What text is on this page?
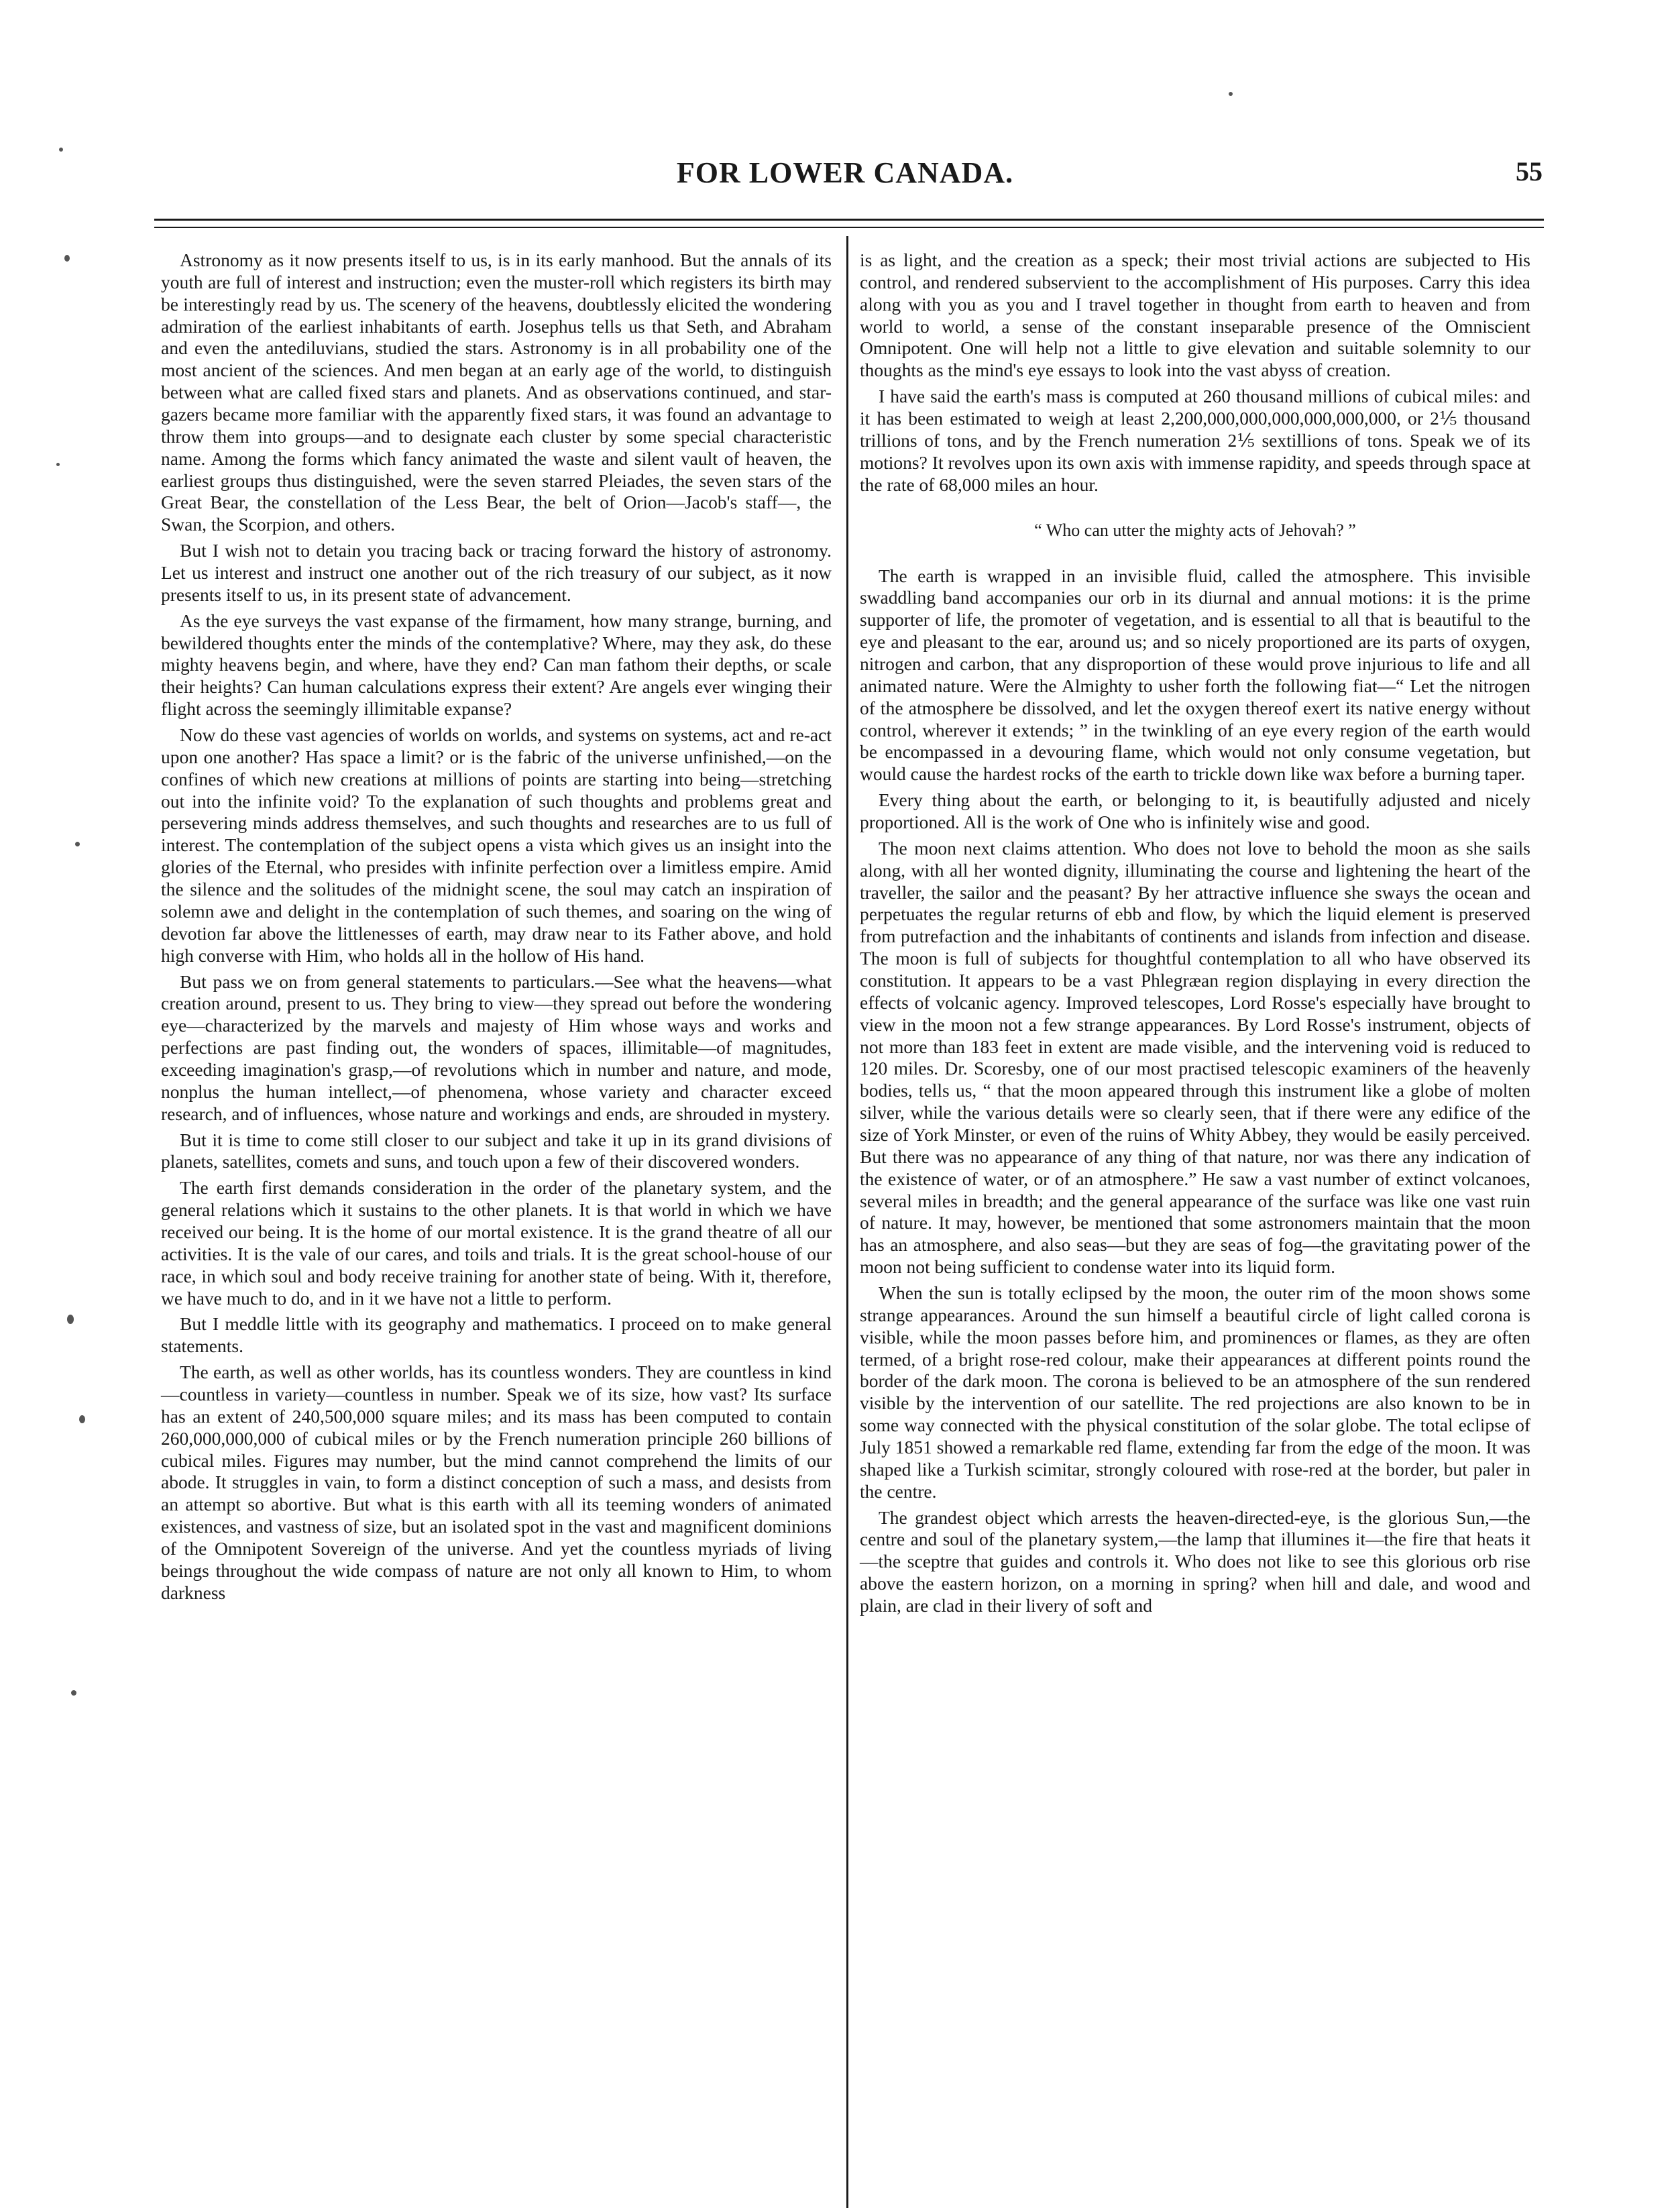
FOR LOWER CANADA.	55

Astronomy as it now presents itself to us, is in its early manhood. But the annals of its youth are full of interest and instruction; even the muster-roll which registers its birth may be interestingly read by us. The scenery of the heavens, doubtlessly elicited the wondering admiration of the earliest inhabitants of earth. Josephus tells us that Seth, and Abraham and even the antediluvians, studied the stars. Astronomy is in all probability one of the most ancient of the sciences. And men began at an early age of the world, to distinguish between what are called fixed stars and planets. And as observations continued, and star-gazers became more familiar with the apparently fixed stars, it was found an advantage to throw them into groups—and to designate each cluster by some special characteristic name. Among the forms which fancy animated the waste and silent vault of heaven, the earliest groups thus distinguished, were the seven starred Pleiades, the seven stars of the Great Bear, the constellation of the Less Bear, the belt of Orion—Jacob's staff—, the Swan, the Scorpion, and others.

But I wish not to detain you tracing back or tracing forward the history of astronomy. Let us interest and instruct one another out of the rich treasury of our subject, as it now presents itself to us, in its present state of advancement.

As the eye surveys the vast expanse of the firmament, how many strange, burning, and bewildered thoughts enter the minds of the contemplative? Where, may they ask, do these mighty heavens begin, and where, have they end? Can man fathom their depths, or scale their heights? Can human calculations express their extent? Are angels ever winging their flight across the seemingly illimitable expanse?

Now do these vast agencies of worlds on worlds, and systems on systems, act and re-act upon one another? Has space a limit? or is the fabric of the universe unfinished,—on the confines of which new creations at millions of points are starting into being—stretching out into the infinite void? To the explanation of such thoughts and problems great and persevering minds address themselves, and such thoughts and researches are to us full of interest. The contemplation of the subject opens a vista which gives us an insight into the glories of the Eternal, who presides with infinite perfection over a limitless empire. Amid the silence and the solitudes of the midnight scene, the soul may catch an inspiration of solemn awe and delight in the contemplation of such themes, and soaring on the wing of devotion far above the littlenesses of earth, may draw near to its Father above, and hold high converse with Him, who holds all in the hollow of His hand.

But pass we on from general statements to particulars.—See what the heavens—what creation around, present to us. They bring to view—they spread out before the wondering eye—characterized by the marvels and majesty of Him whose ways and works and perfections are past finding out, the wonders of spaces, illimitable—of magnitudes, exceeding imagination's grasp,—of revolutions which in number and nature, and mode, nonplus the human intellect,—of phenomena, whose variety and character exceed research, and of influences, whose nature and workings and ends, are shrouded in mystery.

But it is time to come still closer to our subject and take it up in its grand divisions of planets, satellites, comets and suns, and touch upon a few of their discovered wonders.

The earth first demands consideration in the order of the planetary system, and the general relations which it sustains to the other planets. It is that world in which we have received our being. It is the home of our mortal existence. It is the grand theatre of all our activities. It is the vale of our cares, and toils and trials. It is the great school-house of our race, in which soul and body receive training for another state of being. With it, therefore, we have much to do, and in it we have not a little to perform.

But I meddle little with its geography and mathematics. I proceed on to make general statements.

The earth, as well as other worlds, has its countless wonders. They are countless in kind—countless in variety—countless in number. Speak we of its size, how vast? Its surface has an extent of 240,500,000 square miles; and its mass has been computed to contain 260,000,000,000 of cubical miles or by the French numeration principle 260 billions of cubical miles. Figures may number, but the mind cannot comprehend the limits of our abode. It struggles in vain, to form a distinct conception of such a mass, and desists from an attempt so abortive. But what is this earth with all its teeming wonders of animated existences, and vastness of size, but an isolated spot in the vast and magnificent dominions of the Omnipotent Sovereign of the universe. And yet the countless myriads of living beings throughout the wide compass of nature are not only all known to Him, to whom darkness

is as light, and the creation as a speck; their most trivial actions are subjected to His control, and rendered subservient to the accomplishment of His purposes. Carry this idea along with you as you and I travel together in thought from earth to heaven and from world to world, a sense of the constant inseparable presence of the Omniscient Omnipotent. One will help not a little to give elevation and suitable solemnity to our thoughts as the mind's eye essays to look into the vast abyss of creation.

I have said the earth's mass is computed at 260 thousand millions of cubical miles: and it has been estimated to weigh at least 2,200,000,000,000,000,000,000, or 2⅕ thousand trillions of tons, and by the French numeration 2⅕ sextillions of tons. Speak we of its motions? It revolves upon its own axis with immense rapidity, and speeds through space at the rate of 68,000 miles an hour.

“ Who can utter the mighty acts of Jehovah? ”

The earth is wrapped in an invisible fluid, called the atmosphere. This invisible swaddling band accompanies our orb in its diurnal and annual motions: it is the prime supporter of life, the promoter of vegetation, and is essential to all that is beautiful to the eye and pleasant to the ear, around us; and so nicely proportioned are its parts of oxygen, nitrogen and carbon, that any disproportion of these would prove injurious to life and all animated nature. Were the Almighty to usher forth the following fiat—“ Let the nitrogen of the atmosphere be dissolved, and let the oxygen thereof exert its native energy without control, wherever it extends; ” in the twinkling of an eye every region of the earth would be encompassed in a devouring flame, which would not only consume vegetation, but would cause the hardest rocks of the earth to trickle down like wax before a burning taper.

Every thing about the earth, or belonging to it, is beautifully adjusted and nicely proportioned. All is the work of One who is infinitely wise and good.

The moon next claims attention. Who does not love to behold the moon as she sails along, with all her wonted dignity, illuminating the course and lightening the heart of the traveller, the sailor and the peasant? By her attractive influence she sways the ocean and perpetuates the regular returns of ebb and flow, by which the liquid element is preserved from putrefaction and the inhabitants of continents and islands from infection and disease. The moon is full of subjects for thoughtful contemplation to all who have observed its constitution. It appears to be a vast Phlegræan region displaying in every direction the effects of volcanic agency. Improved telescopes, Lord Rosse's especially have brought to view in the moon not a few strange appearances. By Lord Rosse's instrument, objects of not more than 183 feet in extent are made visible, and the intervening void is reduced to 120 miles. Dr. Scoresby, one of our most practised telescopic examiners of the heavenly bodies, tells us, “ that the moon appeared through this instrument like a globe of molten silver, while the various details were so clearly seen, that if there were any edifice of the size of York Minster, or even of the ruins of Whity Abbey, they would be easily perceived. But there was no appearance of any thing of that nature, nor was there any indication of the existence of water, or of an atmosphere.” He saw a vast number of extinct volcanoes, several miles in breadth; and the general appearance of the surface was like one vast ruin of nature. It may, however, be mentioned that some astronomers maintain that the moon has an atmosphere, and also seas—but they are seas of fog—the gravitating power of the moon not being sufficient to condense water into its liquid form.

When the sun is totally eclipsed by the moon, the outer rim of the moon shows some strange appearances. Around the sun himself a beautiful circle of light called corona is visible, while the moon passes before him, and prominences or flames, as they are often termed, of a bright rose-red colour, make their appearances at different points round the border of the dark moon. The corona is believed to be an atmosphere of the sun rendered visible by the intervention of our satellite. The red projections are also known to be in some way connected with the physical constitution of the solar globe. The total eclipse of July 1851 showed a remarkable red flame, extending far from the edge of the moon. It was shaped like a Turkish scimitar, strongly coloured with rose-red at the border, but paler in the centre.

The grandest object which arrests the heaven-directed-eye, is the glorious Sun,—the centre and soul of the planetary system,—the lamp that illumines it—the fire that heats it—the sceptre that guides and controls it. Who does not like to see this glorious orb rise above the eastern horizon, on a morning in spring? when hill and dale, and wood and plain, are clad in their livery of soft and
